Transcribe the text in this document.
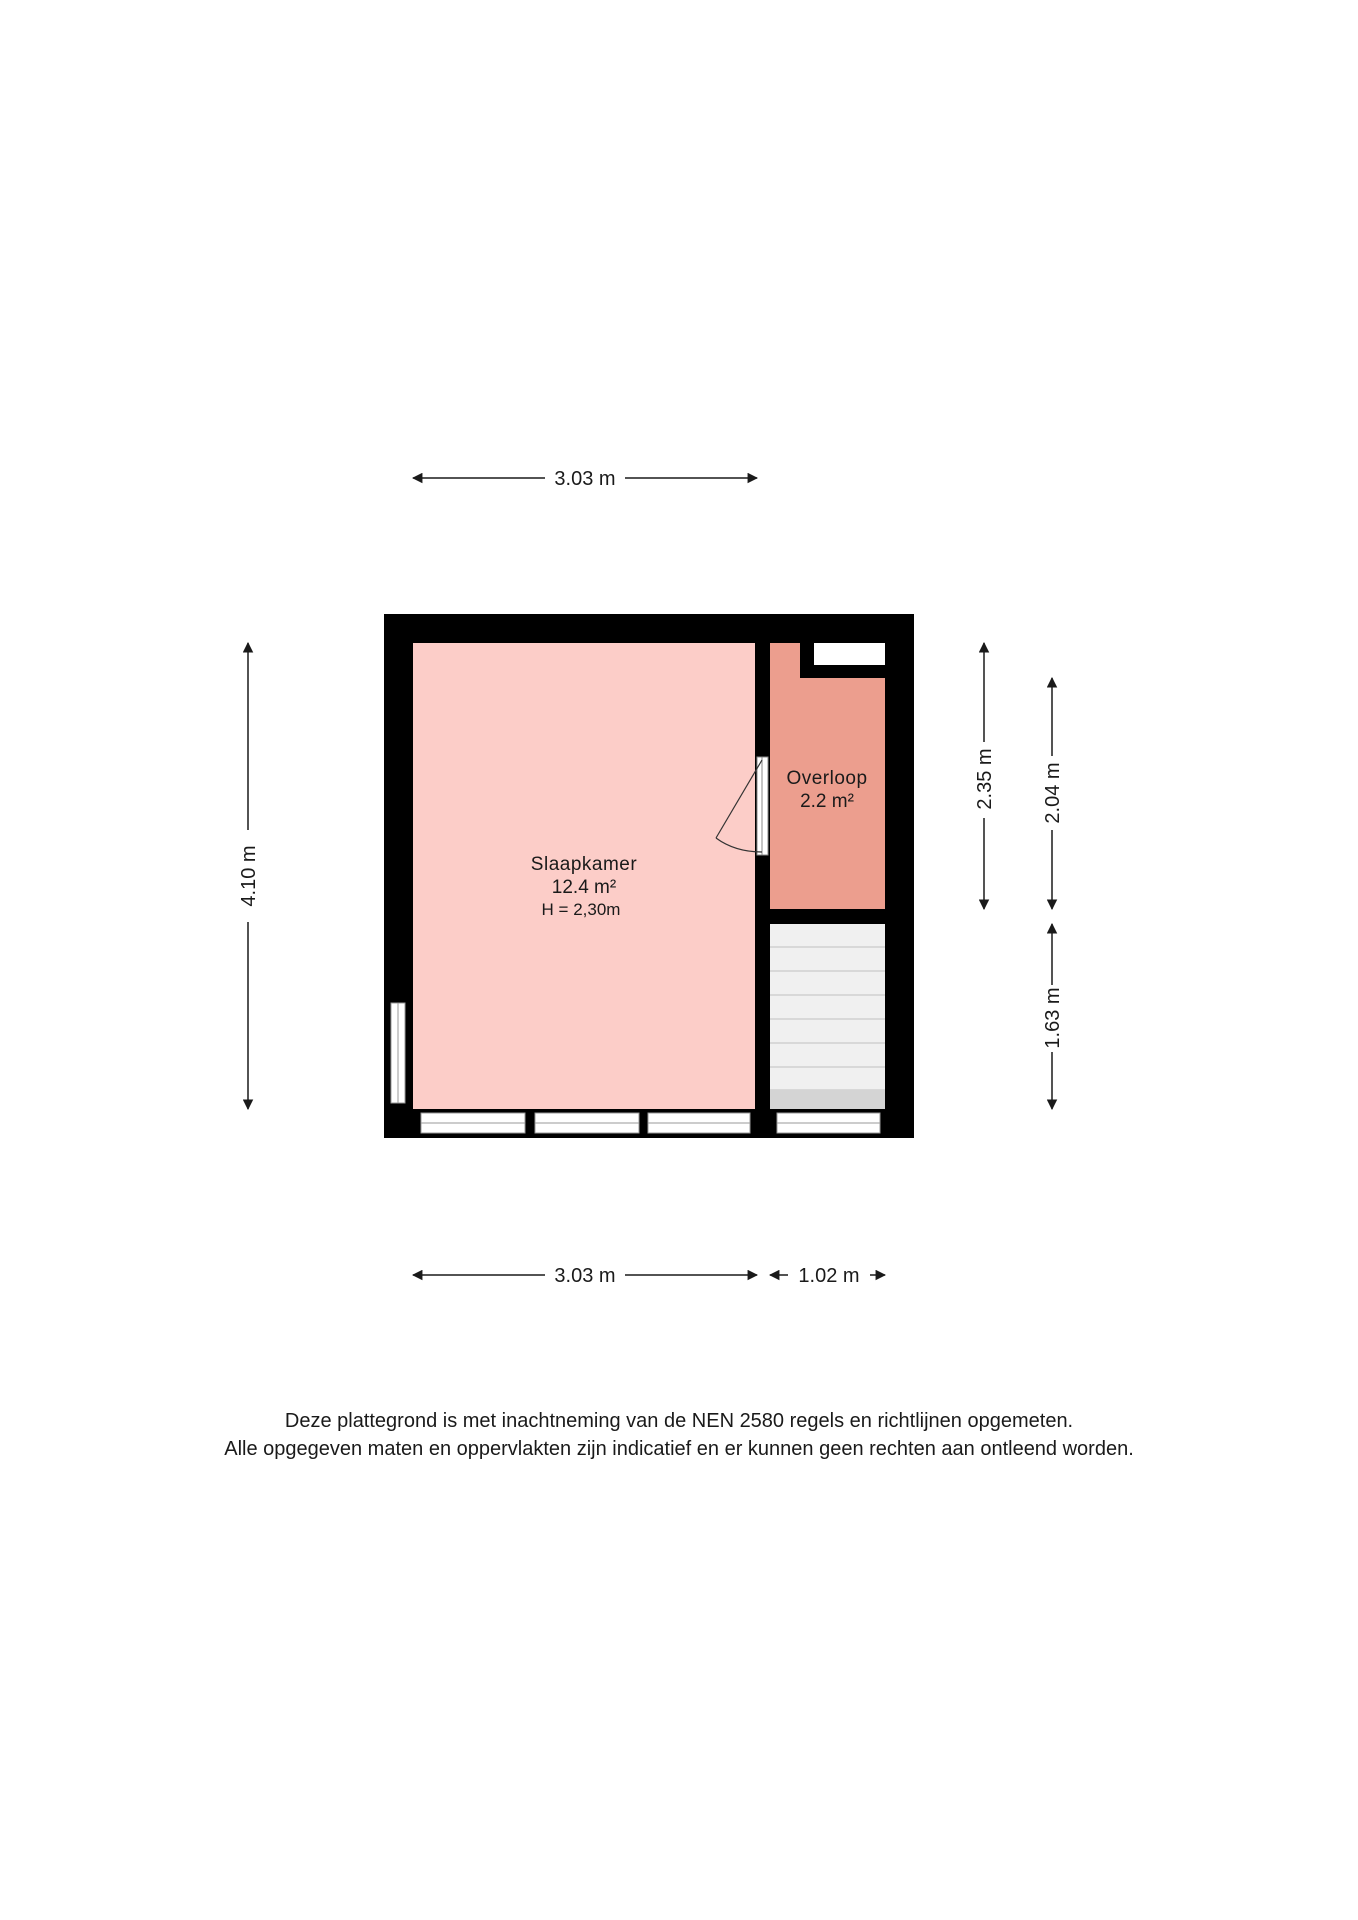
3.03 m
4.10 m
2.35 m 2.04 m
1.63 m
3.03 m	1.02 m
Slaapkamer
12.4 m²
H = 2,30m
Overloop
2.2 m²
Deze plattegrond is met inachtneming van de NEN 2580 regels en richtlijnen opgemeten.
Alle opgegeven maten en oppervlakten zijn indicatief en er kunnen geen rechten aan ontleend worden.
